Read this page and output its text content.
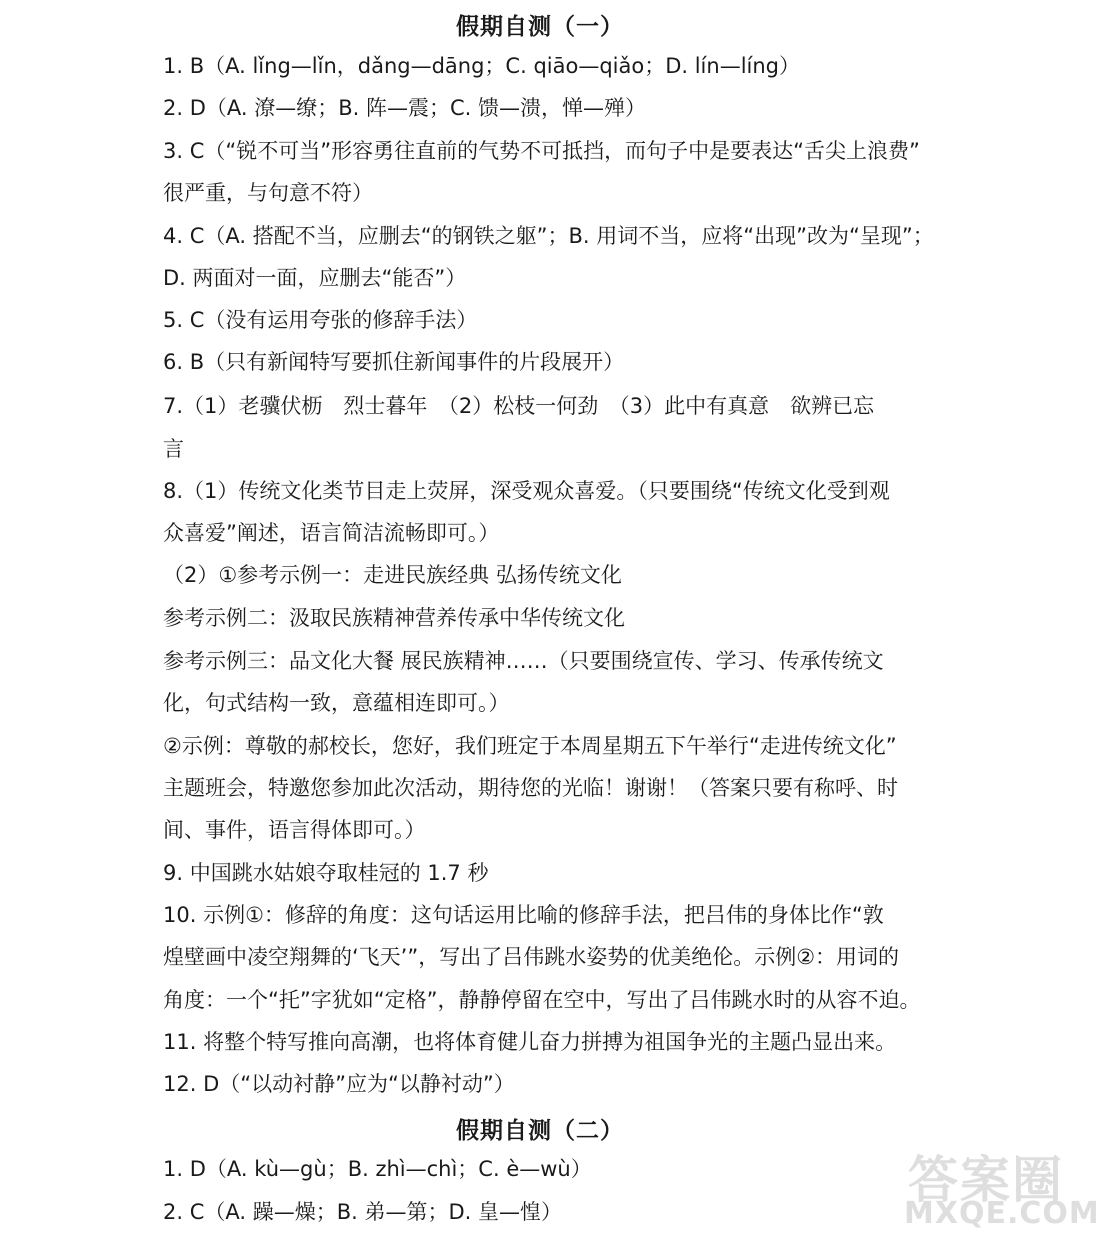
假期自测（一）
1. B（A. lǐng—lǐn，dǎng—dāng；C. qiāo—qiǎo；D. lín—líng）
2. D（A. 潦—缭；B. 阵—震；C. 馈—溃，惮—殚）
3. C（“锐不可当”形容勇往直前的气势不可抵挡，而句子中是要表达“舌尖上浪费”
很严重，与句意不符）
4. C（A. 搭配不当，应删去“的钢铁之躯”；B. 用词不当，应将“出现”改为“呈现”；
D. 两面对一面，应删去“能否”）
5. C（没有运用夸张的修辞手法）
6. B（只有新闻特写要抓住新闻事件的片段展开）
7.（1）老骥伏枥　烈士暮年　（2）松枝一何劲　（3）此中有真意　欲辨已忘
言
8.（1）传统文化类节目走上荧屏，深受观众喜爱。（只要围绕“传统文化受到观
众喜爱”阐述，语言简洁流畅即可。）
（2）①参考示例一：走进民族经典 弘扬传统文化
参考示例二：汲取民族精神营养传承中华传统文化
参考示例三：品文化大餐 展民族精神……（只要围绕宣传、学习、传承传统文
化，句式结构一致，意蕴相连即可。）
②示例：尊敬的郝校长，您好，我们班定于本周星期五下午举行“走进传统文化”
主题班会，特邀您参加此次活动，期待您的光临！谢谢！（答案只要有称呼、时
间、事件，语言得体即可。）
9. 中国跳水姑娘夺取桂冠的 1.7 秒
10. 示例①：修辞的角度：这句话运用比喻的修辞手法，把吕伟的身体比作“敦
煌壁画中凌空翔舞的‘飞天’”，写出了吕伟跳水姿势的优美绝伦。示例②：用词的
角度：一个“托”字犹如“定格”，静静停留在空中，写出了吕伟跳水时的从容不迫。
11. 将整个特写推向高潮，也将体育健儿奋力拼搏为祖国争光的主题凸显出来。
12. D（“以动衬静”应为“以静衬动”）
假期自测（二）
1. D（A. kù—gù；B. zhì—chì；C. è—wù）
2. C（A. 躁—燥；B. 弟—第；D. 皇—惶）
答案圈
MXQE.COM
